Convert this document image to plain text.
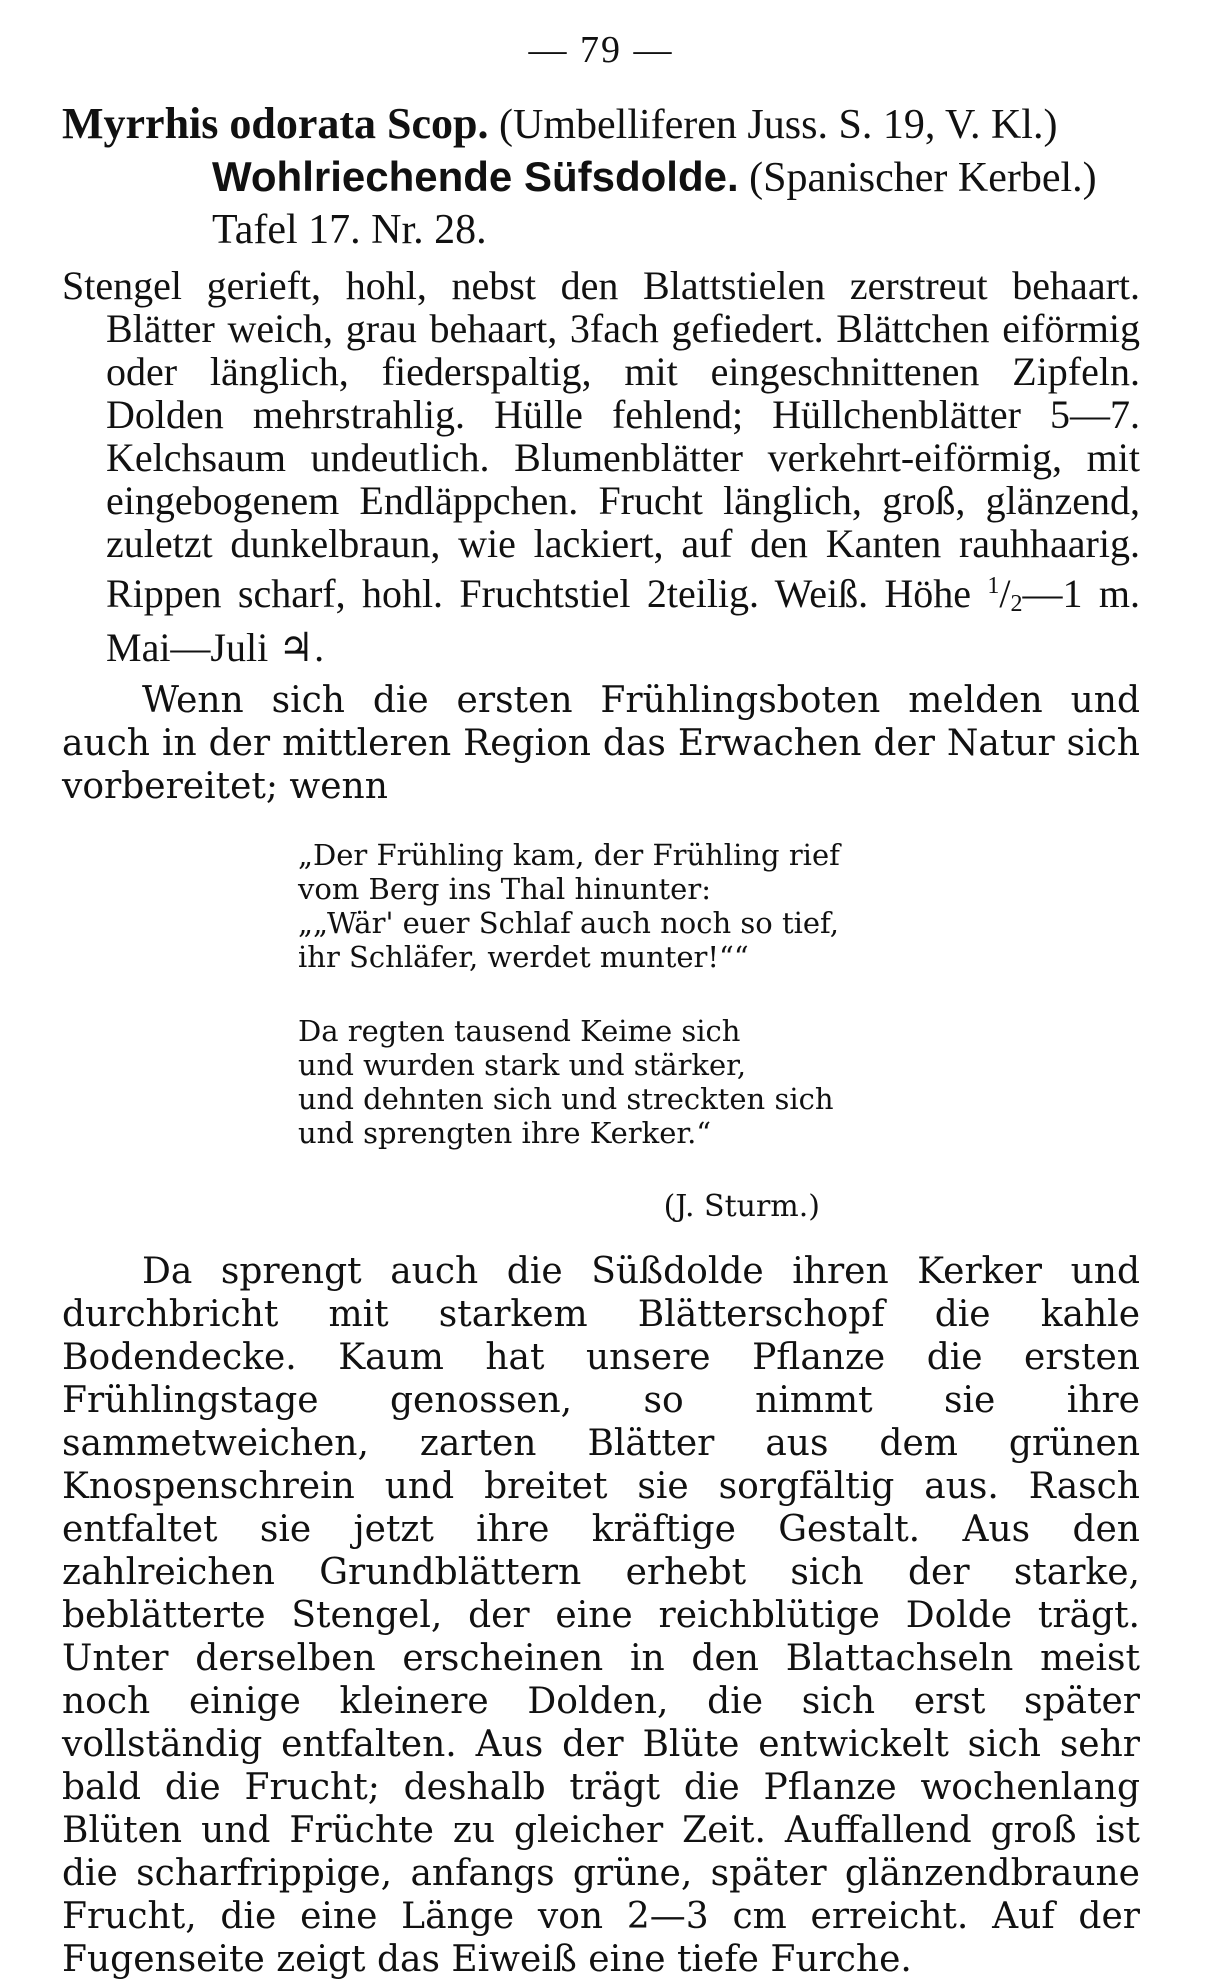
— 79 —
Myrrhis odorata Scop. (Umbelliferen Juss. S. 19, V. Kl.) Wohlriechende Süfsdolde. (Spanischer Kerbel.) Tafel 17. Nr. 28.
Stengel gerieft, hohl, nebst den Blattstielen zerstreut behaart. Blätter weich, grau behaart, 3fach gefiedert. Blättchen eiförmig oder länglich, fiederspaltig, mit eingeschnittenen Zipfeln. Dolden mehrstrahlig. Hülle fehlend; Hüllchenblätter 5—7. Kelchsaum undeutlich. Blumenblätter verkehrt-eiförmig, mit eingebogenem Endläppchen. Frucht länglich, groß, glänzend, zuletzt dunkelbraun, wie lackiert, auf den Kanten rauhhaarig. Rippen scharf, hohl. Fruchtstiel 2teilig. Weiß. Höhe $^1$/2—1 m. Mai—Juli ♃.
Wenn sich die ersten Frühlingsboten melden und auch in der mittleren Region das Erwachen der Natur sich vorbereitet; wenn
„Der Frühling kam, der Frühling rief
vom Berg ins Thal hinunter:
„„Wär' euer Schlaf auch noch so tief,
ihr Schläfer, werdet munter!““
Da regten tausend Keime sich
und wurden stark und stärker,
und dehnten sich und streckten sich
und sprengten ihre Kerker.“
(J. Sturm.)
Da sprengt auch die Süßdolde ihren Kerker und durchbricht mit starkem Blätterschopf die kahle Bodendecke. Kaum hat unsere Pflanze die ersten Frühlingstage genossen, so nimmt sie ihre sammetweichen, zarten Blätter aus dem grünen Knospenschrein und breitet sie sorgfältig aus. Rasch entfaltet sie jetzt ihre kräftige Gestalt. Aus den zahlreichen Grundblättern erhebt sich der starke, beblätterte Stengel, der eine reichblütige Dolde trägt. Unter derselben erscheinen in den Blattachseln meist noch einige kleinere Dolden, die sich erst später vollständig entfalten. Aus der Blüte entwickelt sich sehr bald die Frucht; deshalb trägt die Pflanze wochenlang Blüten und Früchte zu gleicher Zeit. Auffallend groß ist die scharfrippige, anfangs grüne, später glänzendbraune Frucht, die eine Länge von 2—3 cm erreicht. Auf der Fugenseite zeigt das Eiweiß eine tiefe Furche.
